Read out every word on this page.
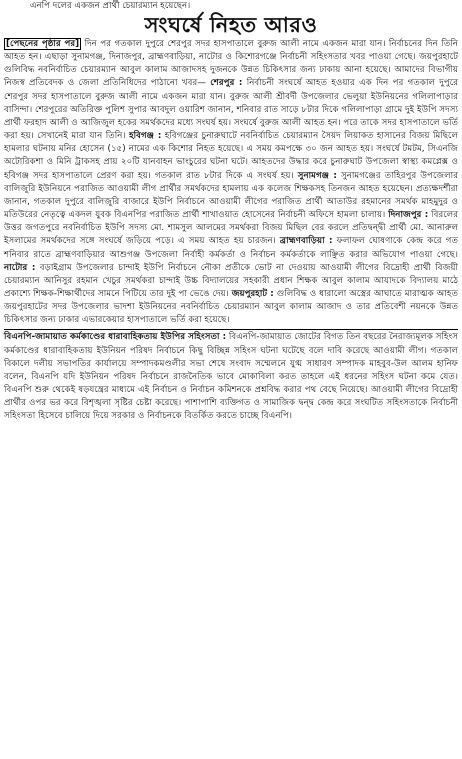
এনপি দলের একজন প্রার্থী চেয়ারম্যান হয়েছেন।
সংঘর্ষে নিহত আরও

[পেছনের পৃষ্ঠার পর] দিন পর গতকাল দুপুরে শেরপুর সদর হাসপাতালে বুরুজ আলী নামে একজন মারা যান। নির্বাচনের দিন তিনি আহত হন। এছাড়া সুনামগঞ্জ, দিনাজপুর, ব্রাহ্মণবাড়িয়া, নাটোর ও কিশোরগঞ্জে নির্বাচনী সহিংসতার খবর পাওয়া গেছে। জয়পুরহাটে গুলিবিদ্ধ নবনির্বাচিত চেয়ারম্যান আবুল কালাম আজাদসহ দুজনকে উন্নত চিকিৎসার জন্য ঢাকায় আনা হয়েছে। আমাদের বিভাগীয় নিজস্ব প্রতিবেদক ও জেলা প্রতিনিধিদের পাঠানো খবর— শেরপুর : নির্বাচনী সংঘর্ষে আহত হওয়ার এক দিন পর গতকাল দুপুরে শেরপুর সদর হাসপাতালে বুরুজ আলী নামে একজন মারা যান। বুরুজ আলী শ্রীবর্দী উপজেলার ভেলুয়া ইউনিয়নের গলিলাপাড়ার বাসিন্দা। শেরপুরের অতিরিক্ত পুলিশ সুপার আবদুল ওয়ারিশ জানান, শনিবার রাত সাড়ে ৮টার দিকে গলিলাপাড়া গ্রামে দুই ইউপি সদস্য প্রার্থী ফরহাদ আলী ও আজিজুল হকের সমর্থকদের মধ্যে সংঘর্ষ হয়। সংঘর্ষে বুরুজ আলী আহত হন। পরে তাকে সদর হাসপাতালে ভর্তি করা হয়। সেখানেই মারা যান তিনি। হবিগঞ্জ : হবিগঞ্জের চুনারুঘাটে নবনির্বাচিত চেয়ারম্যান সৈয়দ লিয়াকত হাসানের বিজয় মিছিলে হামলার ঘটনায় মনির হোসেন (১৫) নামের এক কিশোর নিহত হয়েছে। এ সময় কমপক্ষে ৩০ জন আহত হয়। সংঘর্ষে টমটম, সিএনজি অটোরিকশা ও মিনি ট্রাকসহ প্রায় ২০টি যানবাহন ভাংচুরের ঘটনা ঘটে। আহতদের উদ্ধার করে চুনারুঘাট উপজেলা স্বাস্থ্য কমপ্লেক্স ও হবিগঞ্জ সদর হাসপাতালে প্রেরণ করা হয়। গতকাল রাত ৮টার দিকে এ সংঘর্ষ হয়। সুনামগঞ্জ : সুনামগঞ্জের তাহিরপুর উপজেলার বালিজুরি ইউনিয়নে পরাজিত আওয়ামী লীগ প্রার্থীর সমর্থকদের হামলায় এক কলেজ শিক্ষকসহ তিনজন আহত হয়েছেন। প্রত্যক্ষদর্শীরা জানান, গতকাল দুপুরে বালিজুরি বাজারে ইউপি নির্বাচনে আওয়ামী লীগের পরাজিত প্রার্থী আতাউর রহমানের সমর্থক মাহমুদুর ও মতিউরের নেতৃত্বে একদল যুবক বিএনপির পরাজিত প্রার্থী শাখাওয়াত হোসেনের নির্বাচনী অফিসে হামলা চালায়। দিনাজপুর : বিরলের উত্তর জগতপুরে নবনির্বাচিত ইউপি সদস্য মো. শামসুল আলমের সমর্থকরা বিজয় মিছিল বের করলে প্রতিদ্বন্দ্বী প্রার্থী মো. আনারুল ইসলামের সমর্থকদের সঙ্গে সংঘর্ষে জড়িয়ে পড়ে। এ সময় আহত হয় চারজন। ব্রাহ্মণবাড়িয়া : ফলাফল ঘোষণাকে কেন্দ্র করে গত শনিবার রাতে ব্রাহ্মণবাড়িয়ার আশুগঞ্জ উপজেলা নির্বাহী কর্মকর্তা ও নির্বাচন কর্মকর্তাকে লাঞ্ছিত করার অভিযোগ পাওয়া গেছে। নাটোর : বড়াইগ্রাম উপজেলার চান্দাই ইউপি নির্বাচনে নৌকা প্রতীকে ভোট না দেওয়ায় আওয়ামী লীগের বিদ্রোহী প্রার্থী বিজয়ী চেয়ারম্যান আনিসুর রহমান খেচুর সমর্থকরা চান্দাই উচ্চ বিদ্যালয়ের সহকারী প্রধান শিক্ষক আবুল কালাম আযাদকে বিদ্যালয় মাঠে প্রকাশ্যে শিক্ষক-শিক্ষার্থীদের সামনে পিটিয়ে তার দুই পা ভেঙে দেয়। জয়পুরহাট : গুলিবিদ্ধ ও ধারালো অস্ত্রের আঘাতে মারাত্মক আহত জয়পুরহাটের সদর উপজেলার ভাদশা ইউনিয়নের নবনির্বাচিত চেয়ারম্যান আবুল কালাম আজাদ ও তার প্রতিবেশী নয়নকে উন্নত চিকিৎসার জন্য ঢাকার এভারকেয়ার হাসপাতালে ভর্তি করা হয়েছে।

বিএনপি-জামায়াত কর্মকাণ্ডের ধারাবাহিকতায় ইউপির সহিংসতা : বিএনপি-জামায়াত জোটের বিগত তিন বছরের নৈরাজ্যমূলক সহিংস কর্মকাণ্ডের ধারাবাহিকতায় ইউনিয়ন পরিষদ নির্বাচনে কিছু বিচ্ছিন্ন সহিংস ঘটনা ঘটেছে বলে দাবি করেছে আওয়ামী লীগ। গতকাল বিকালে দলীয় সভাপতির কার্যালয়ে সম্পাদকমণ্ডলীর সভা শেষে সংবাদ সম্মেলনে যুগ্ম সাধারণ সম্পাদক মাহবুব-উল আলম হানিফ বলেন, বিএনপি যদি ইউনিয়ন পরিষদ নির্বাচনে রাজনৈতিক ভাবে মোকাবিলা করত তাহলে এই ধরনের সহিংস ঘটনা কমে যেত। বিএনপি শুরু থেকেই ষড়যন্ত্রের মাধ্যমে এই নির্বাচন ও নির্বাচন কমিশনকে প্রশ্নবিদ্ধ করার পথ বেছে নিয়েছে। আওয়ামী লীগের বিদ্রোহী প্রার্থীর ওপর ভর করে বিশৃঙ্খলা সৃষ্টির চেষ্টা করেছে। পাশাপাশি ব্যক্তিগত ও সামাজিক দ্বন্দ্ব কেন্দ্র করে সংঘটিত সহিংসতাকে নির্বাচনী সহিংসতা হিসেবে চালিয়ে দিয়ে সরকার ও নির্বাচনকে বিতর্কিত করতে চাচ্ছে বিএনপি।
